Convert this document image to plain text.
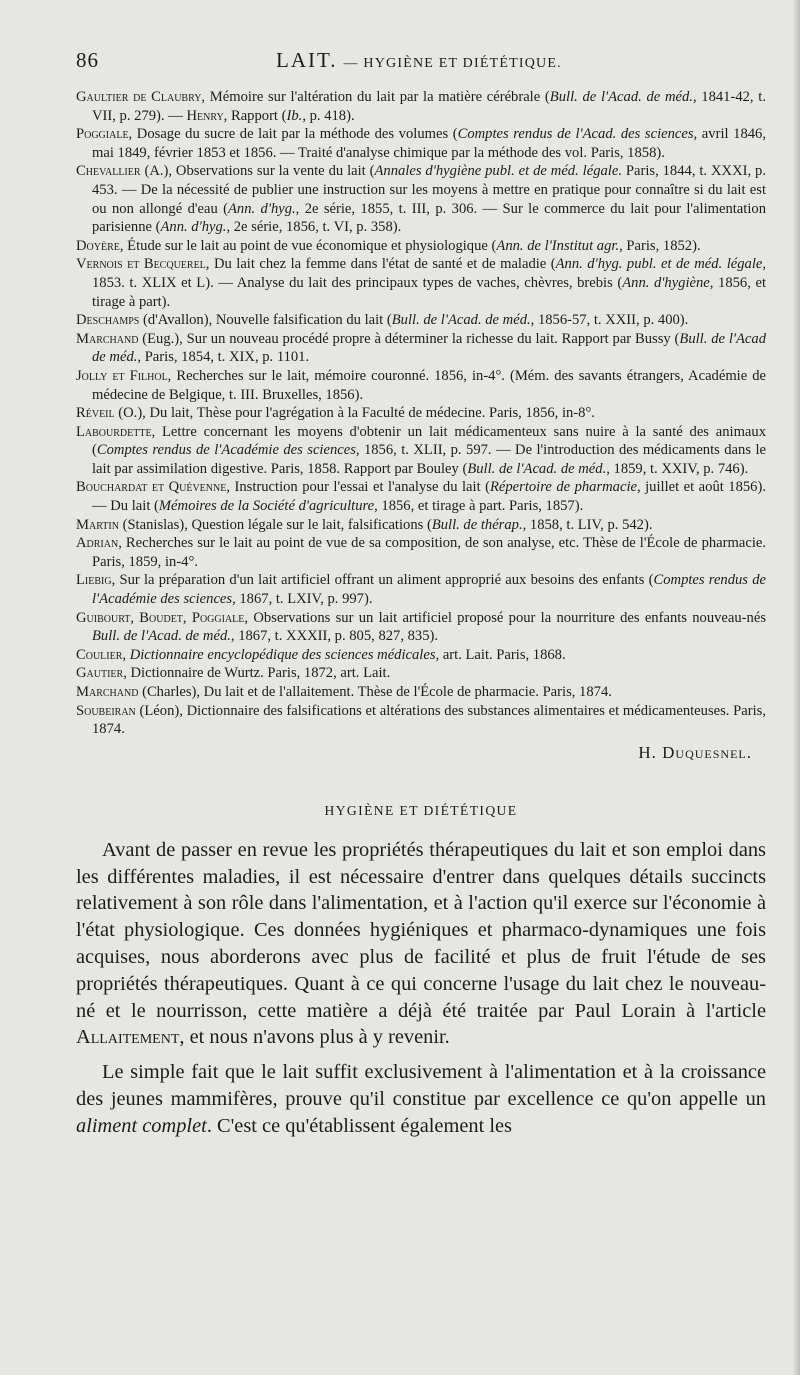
86	LAIT. — HYGIÈNE ET DIÉTÉTIQUE.

Gaultier de Claubry, Mémoire sur l'altération du lait par la matière cérébrale (Bull. de l'Acad. de méd., 1841-42, t. VII, p. 279). — Henry, Rapport (Ib., p. 418).

Poggiale, Dosage du sucre de lait par la méthode des volumes (Comptes rendus de l'Acad. des sciences, avril 1846, mai 1849, février 1853 et 1856. — Traité d'analyse chimique par la méthode des vol. Paris, 1858).

Chevallier (A.), Observations sur la vente du lait (Annales d'hygiène publ. et de méd. légale. Paris, 1844, t. XXXI, p. 453. — De la nécessité de publier une instruction sur les moyens à mettre en pratique pour connaître si du lait est ou non allongé d'eau (Ann. d'hyg., 2e série, 1855, t. III, p. 306. — Sur le commerce du lait pour l'alimentation parisienne (Ann. d'hyg., 2e série, 1856, t. VI, p. 358).

Doyère, Étude sur le lait au point de vue économique et physiologique (Ann. de l'Institut agr., Paris, 1852).

Vernois et Becquerel, Du lait chez la femme dans l'état de santé et de maladie (Ann. d'hyg. publ. et de méd. légale, 1853. t. XLIX et L). — Analyse du lait des principaux types de vaches, chèvres, brebis (Ann. d'hygiène, 1856, et tirage à part).

Deschamps (d'Avallon), Nouvelle falsification du lait (Bull. de l'Acad. de méd., 1856-57, t. XXII, p. 400).

Marchand (Eug.), Sur un nouveau procédé propre à déterminer la richesse du lait. Rapport par Bussy (Bull. de l'Acad de méd., Paris, 1854, t. XIX, p. 1101.

Jolly et Filhol, Recherches sur le lait, mémoire couronné. 1856, in-4°. (Mém. des savants étrangers, Académie de médecine de Belgique, t. III. Bruxelles, 1856).

Réveil (O.), Du lait, Thèse pour l'agrégation à la Faculté de médecine. Paris, 1856, in-8°.

Labourdette, Lettre concernant les moyens d'obtenir un lait médicamenteux sans nuire à la santé des animaux (Comptes rendus de l'Académie des sciences, 1856, t. XLII, p. 597. — De l'introduction des médicaments dans le lait par assimilation digestive. Paris, 1858. Rapport par Bouley (Bull. de l'Acad. de méd., 1859, t. XXIV, p. 746).

Bouchardat et Quévenne, Instruction pour l'essai et l'analyse du lait (Répertoire de pharmacie, juillet et août 1856). — Du lait (Mémoires de la Société d'agriculture, 1856, et tirage à part. Paris, 1857).

Martin (Stanislas), Question légale sur le lait, falsifications (Bull. de thérap., 1858, t. LIV, p. 542).

Adrian, Recherches sur le lait au point de vue de sa composition, de son analyse, etc. Thèse de l'École de pharmacie. Paris, 1859, in-4°.

Liebig, Sur la préparation d'un lait artificiel offrant un aliment approprié aux besoins des enfants (Comptes rendus de l'Académie des sciences, 1867, t. LXIV, p. 997).

Guibourt, Boudet, Poggiale, Observations sur un lait artificiel proposé pour la nourriture des enfants nouveau-nés Bull. de l'Acad. de méd., 1867, t. XXXII, p. 805, 827, 835).

Coulier, Dictionnaire encyclopédique des sciences médicales, art. Lait. Paris, 1868.

Gautier, Dictionnaire de Wurtz. Paris, 1872, art. Lait.

Marchand (Charles), Du lait et de l'allaitement. Thèse de l'École de pharmacie. Paris, 1874.

Soubeiran (Léon), Dictionnaire des falsifications et altérations des substances alimentaires et médicamenteuses. Paris, 1874.

H. Duquesnel.
HYGIÈNE ET DIÉTÉTIQUE

Avant de passer en revue les propriétés thérapeutiques du lait et son emploi dans les différentes maladies, il est nécessaire d'entrer dans quelques détails succincts relativement à son rôle dans l'alimentation, et à l'action qu'il exerce sur l'économie à l'état physiologique. Ces données hygiéniques et pharmaco-dynamiques une fois acquises, nous aborderons avec plus de facilité et plus de fruit l'étude de ses propriétés thérapeutiques. Quant à ce qui concerne l'usage du lait chez le nouveau-né et le nourrisson, cette matière a déjà été traitée par Paul Lorain à l'article Allaitement, et nous n'avons plus à y revenir.

Le simple fait que le lait suffit exclusivement à l'alimentation et à la croissance des jeunes mammifères, prouve qu'il constitue par excellence ce qu'on appelle un aliment complet. C'est ce qu'établissent également les
